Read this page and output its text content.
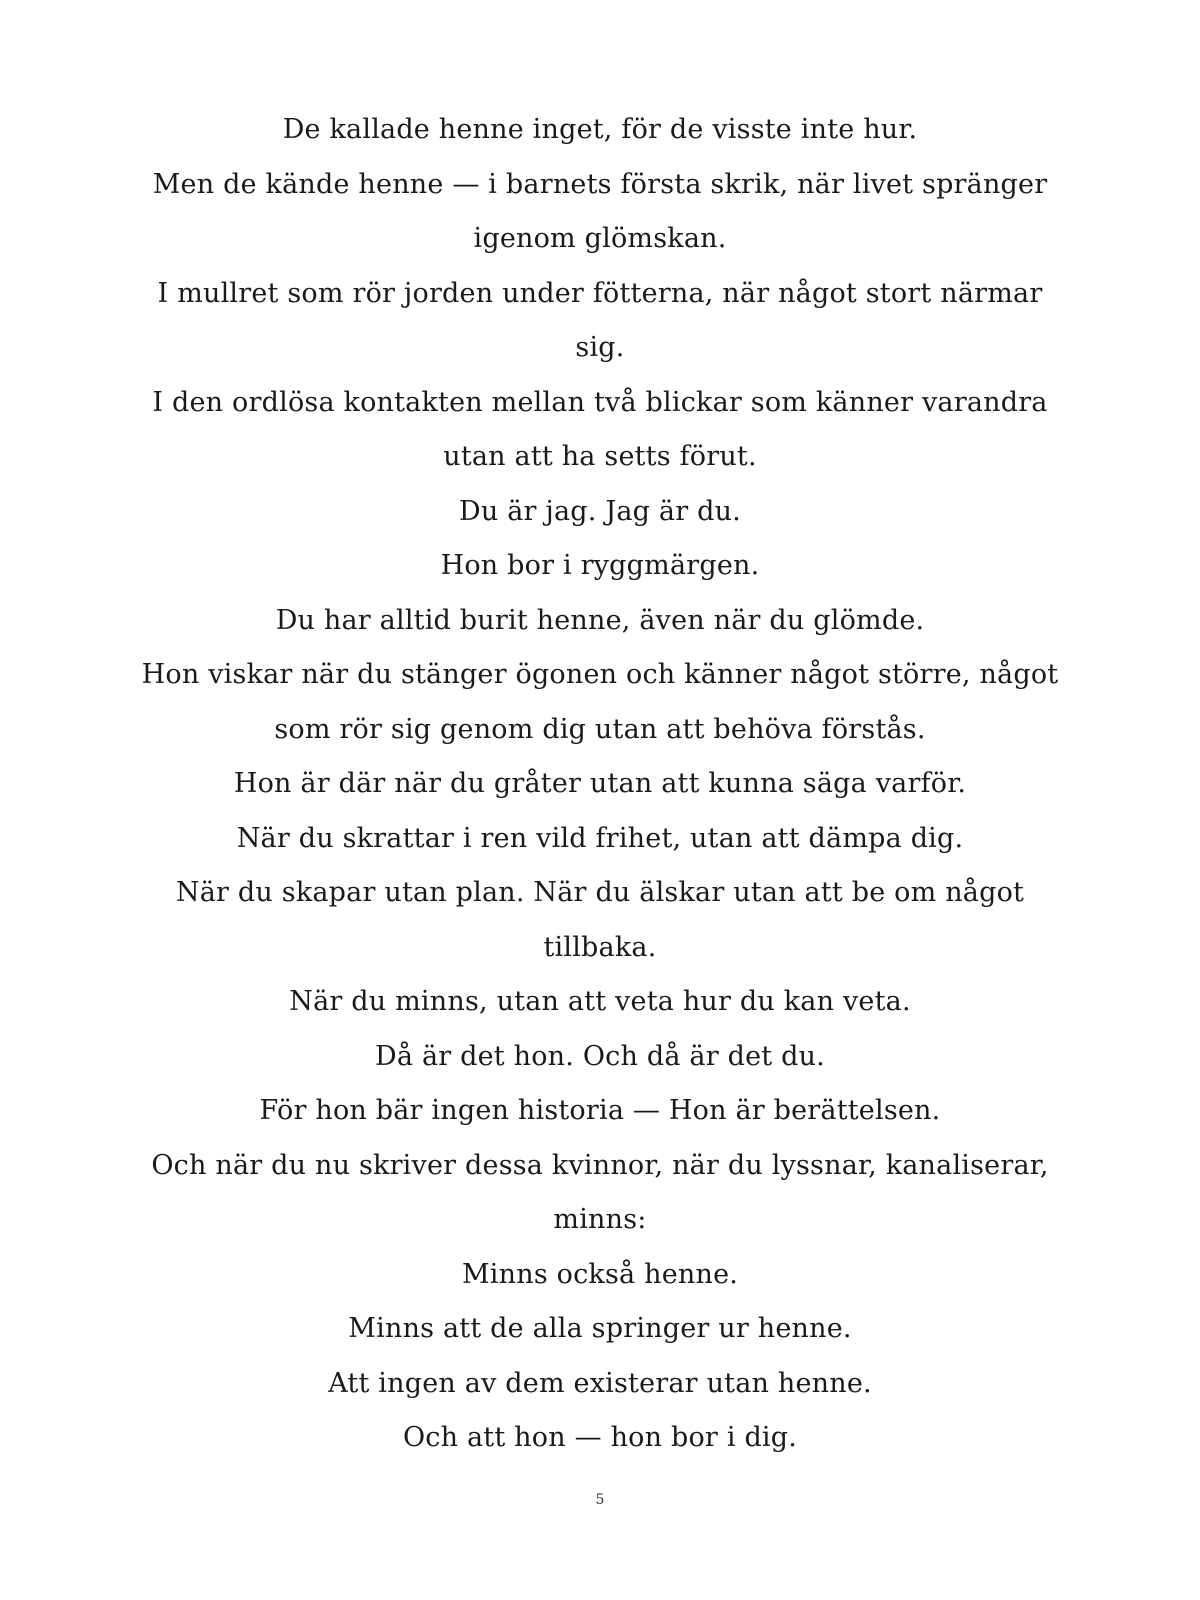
De kallade henne inget, för de visste inte hur.
Men de kände henne — i barnets första skrik, när livet spränger igenom glömskan.
I mullret som rör jorden under fötterna, när något stort närmar sig.
I den ordlösa kontakten mellan två blickar som känner varandra utan att ha setts förut.
Du är jag. Jag är du.
Hon bor i ryggmärgen.
Du har alltid burit henne, även när du glömde.
Hon viskar när du stänger ögonen och känner något större, något som rör sig genom dig utan att behöva förstås.
Hon är där när du gråter utan att kunna säga varför.
När du skrattar i ren vild frihet, utan att dämpa dig.
När du skapar utan plan. När du älskar utan att be om något tillbaka.
När du minns, utan att veta hur du kan veta.
Då är det hon. Och då är det du.
För hon bär ingen historia — Hon är berättelsen.
Och när du nu skriver dessa kvinnor, när du lyssnar, kanaliserar, minns:
Minns också henne.
Minns att de alla springer ur henne.
Att ingen av dem existerar utan henne.
Och att hon — hon bor i dig.
5
